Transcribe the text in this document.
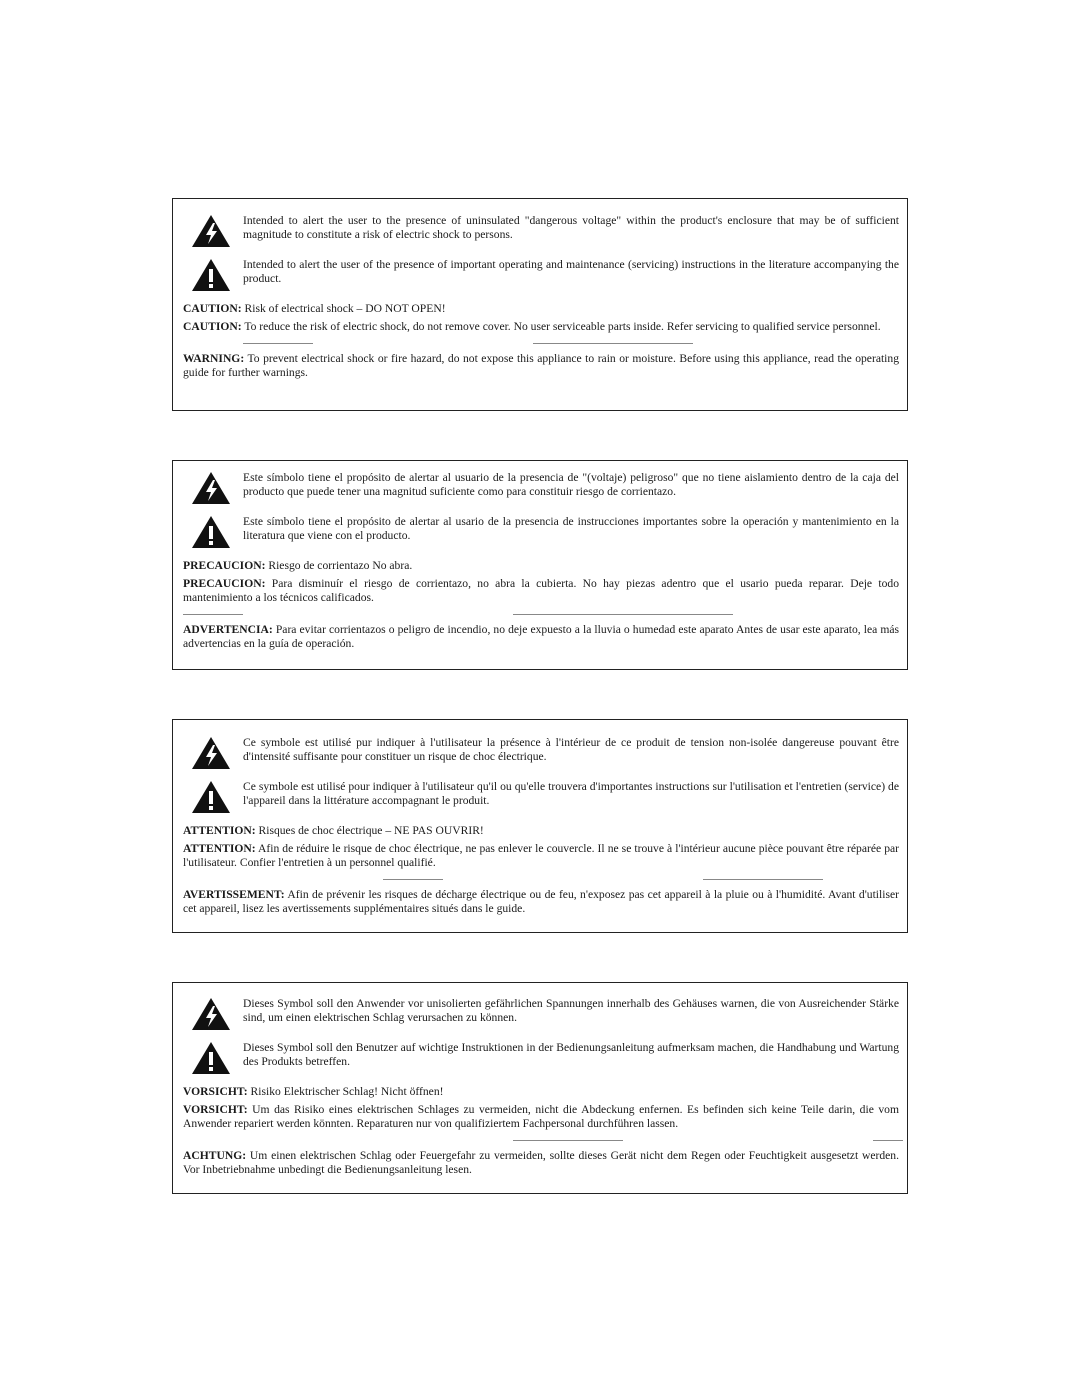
Intended to alert the user to the presence of uninsulated "dangerous voltage" within the product's enclosure that may be of sufficient magnitude to constitute a risk of electric shock to persons.

Intended to alert the user of the presence of important operating and maintenance (servicing) instructions in the literature accompanying the product.

CAUTION: Risk of electrical shock – DO NOT OPEN!

CAUTION: To reduce the risk of electric shock, do not remove cover. No user serviceable parts inside. Refer servicing to qualified service personnel.

WARNING: To prevent electrical shock or fire hazard, do not expose this appliance to rain or moisture. Before using this appliance, read the operating guide for further warnings.

Este símbolo tiene el propósito de alertar al usuario de la presencia de "(voltaje) peligroso" que no tiene aislamiento dentro de la caja del producto que puede tener una magnitud suficiente como para constituir riesgo de corrientazo.

Este símbolo tiene el propósito de alertar al usario de la presencia de instrucciones importantes sobre la operación y mantenimiento en la literatura que viene con el producto.

PRECAUCION: Riesgo de corrientazo No abra.

PRECAUCION: Para disminuír el riesgo de corrientazo, no abra la cubierta. No hay piezas adentro que el usario pueda reparar. Deje todo mantenimiento a los técnicos calificados.

ADVERTENCIA: Para evitar corrientazos o peligro de incendio, no deje expuesto a la lluvia o humedad este aparato Antes de usar este aparato, lea más advertencias en la guía de operación.

Ce symbole est utilisé pur indiquer à l'utilisateur la présence à l'intérieur de ce produit de tension non-isolée dangereuse pouvant être d'intensité suffisante pour constituer un risque de choc électrique.

Ce symbole est utilisé pour indiquer à l'utilisateur qu'il ou qu'elle trouvera d'importantes instructions sur l'utilisation et l'entretien (service) de l'appareil dans la littérature accompagnant le produit.

ATTENTION: Risques de choc électrique – NE PAS OUVRIR!

ATTENTION: Afin de réduire le risque de choc électrique, ne pas enlever le couvercle. Il ne se trouve à l'intérieur aucune pièce pouvant être réparée par l'utilisateur. Confier l'entretien à un personnel qualifié.

AVERTISSEMENT: Afin de prévenir les risques de décharge électrique ou de feu, n'exposez pas cet appareil à la pluie ou à l'humidité. Avant d'utiliser cet appareil, lisez les avertissements supplémentaires situés dans le guide.

Dieses Symbol soll den Anwender vor unisolierten gefährlichen Spannungen innerhalb des Gehäuses warnen, die von Ausreichender Stärke sind, um einen elektrischen Schlag verursachen zu können.

Dieses Symbol soll den Benutzer auf wichtige Instruktionen in der Bedienungsanleitung aufmerksam machen, die Handhabung und Wartung des Produkts betreffen.

VORSICHT: Risiko Elektrischer Schlag! Nicht öffnen!

VORSICHT: Um das Risiko eines elektrischen Schlages zu vermeiden, nicht die Abdeckung enfernen. Es befinden sich keine Teile darin, die vom Anwender repariert werden könnten. Reparaturen nur von qualifiziertem Fachpersonal durchführen lassen.

ACHTUNG: Um einen elektrischen Schlag oder Feuergefahr zu vermeiden, sollte dieses Gerät nicht dem Regen oder Feuchtigkeit ausgesetzt werden. Vor Inbetriebnahme unbedingt die Bedienungsanleitung lesen.
